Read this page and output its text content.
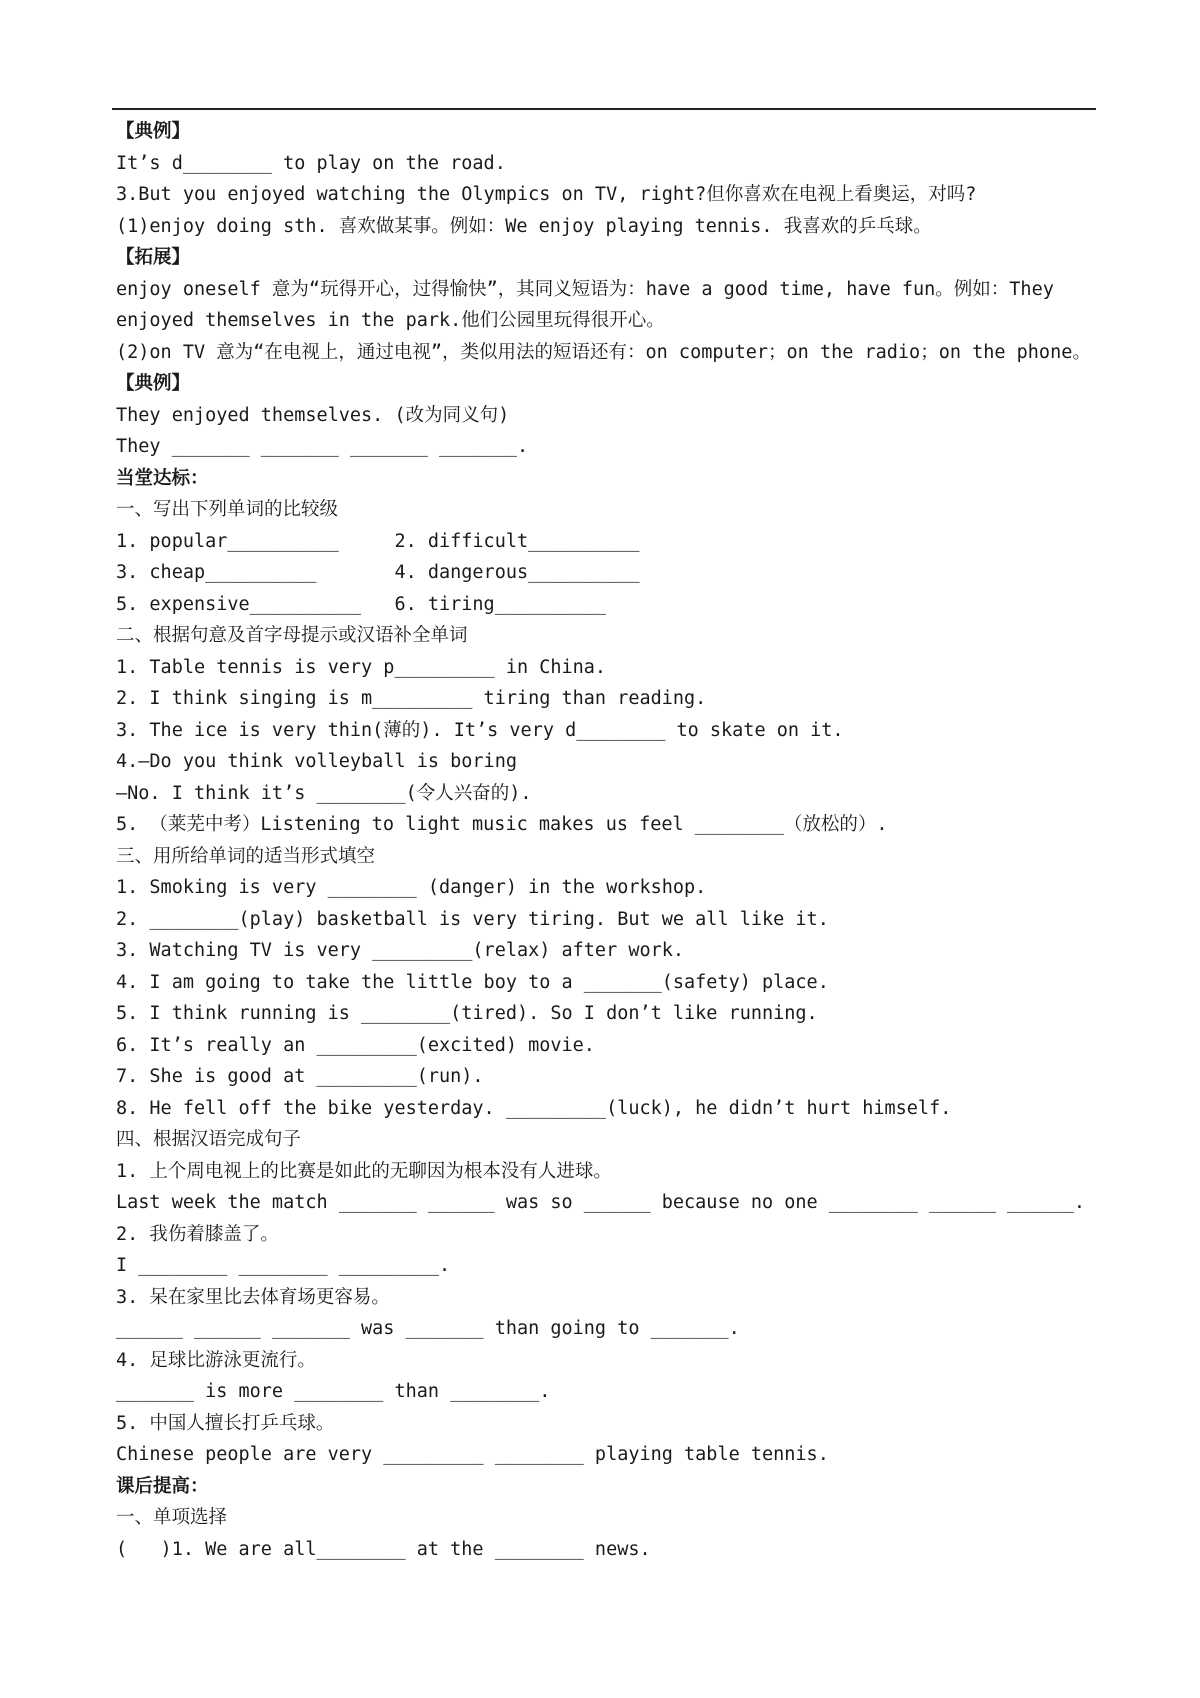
【典例】
It’s d________ to play on the road.
3.But you enjoyed watching the Olympics on TV, right?但你喜欢在电视上看奥运，对吗?
(1)enjoy doing sth. 喜欢做某事。例如：We enjoy playing tennis. 我喜欢的乒乓球。
【拓展】
enjoy oneself 意为“玩得开心，过得愉快”，其同义短语为：have a good time, have fun。例如：They
enjoyed themselves in the park.他们公园里玩得很开心。
(2)on TV 意为“在电视上，通过电视”，类似用法的短语还有：on computer；on the radio；on the phone。
【典例】
They enjoyed themselves. (改为同义句)
They _______ _______ _______ _______.
当堂达标：
一、写出下列单词的比较级
1. popular__________     2. difficult__________
3. cheap__________       4. dangerous__________
5. expensive__________   6. tiring__________
二、根据句意及首字母提示或汉语补全单词
1. Table tennis is very p_________ in China.
2. I think singing is m_________ tiring than reading.
3. The ice is very thin(薄的). It’s very d________ to skate on it.
4.—Do you think volleyball is boring
—No. I think it’s ________(令人兴奋的).
5. （莱芜中考）Listening to light music makes us feel ________（放松的）.
三、用所给单词的适当形式填空
1. Smoking is very ________ (danger) in the workshop.
2. ________(play) basketball is very tiring. But we all like it.
3. Watching TV is very _________(relax) after work.
4. I am going to take the little boy to a _______(safety) place.
5. I think running is ________(tired). So I don’t like running.
6. It’s really an _________(excited) movie.
7. She is good at _________(run).
8. He fell off the bike yesterday. _________(luck), he didn’t hurt himself.
四、根据汉语完成句子
1. 上个周电视上的比赛是如此的无聊因为根本没有人进球。
Last week the match _______ ______ was so ______ because no one ________ ______ ______.
2. 我伤着膝盖了。
I ________ ________ _________.
3. 呆在家里比去体育场更容易。
______ ______ _______ was _______ than going to _______.
4. 足球比游泳更流行。
_______ is more ________ than ________.
5. 中国人擅长打乒乓球。
Chinese people are very _________ ________ playing table tennis.
课后提高：
一、单项选择
(   )1. We are all________ at the ________ news.
